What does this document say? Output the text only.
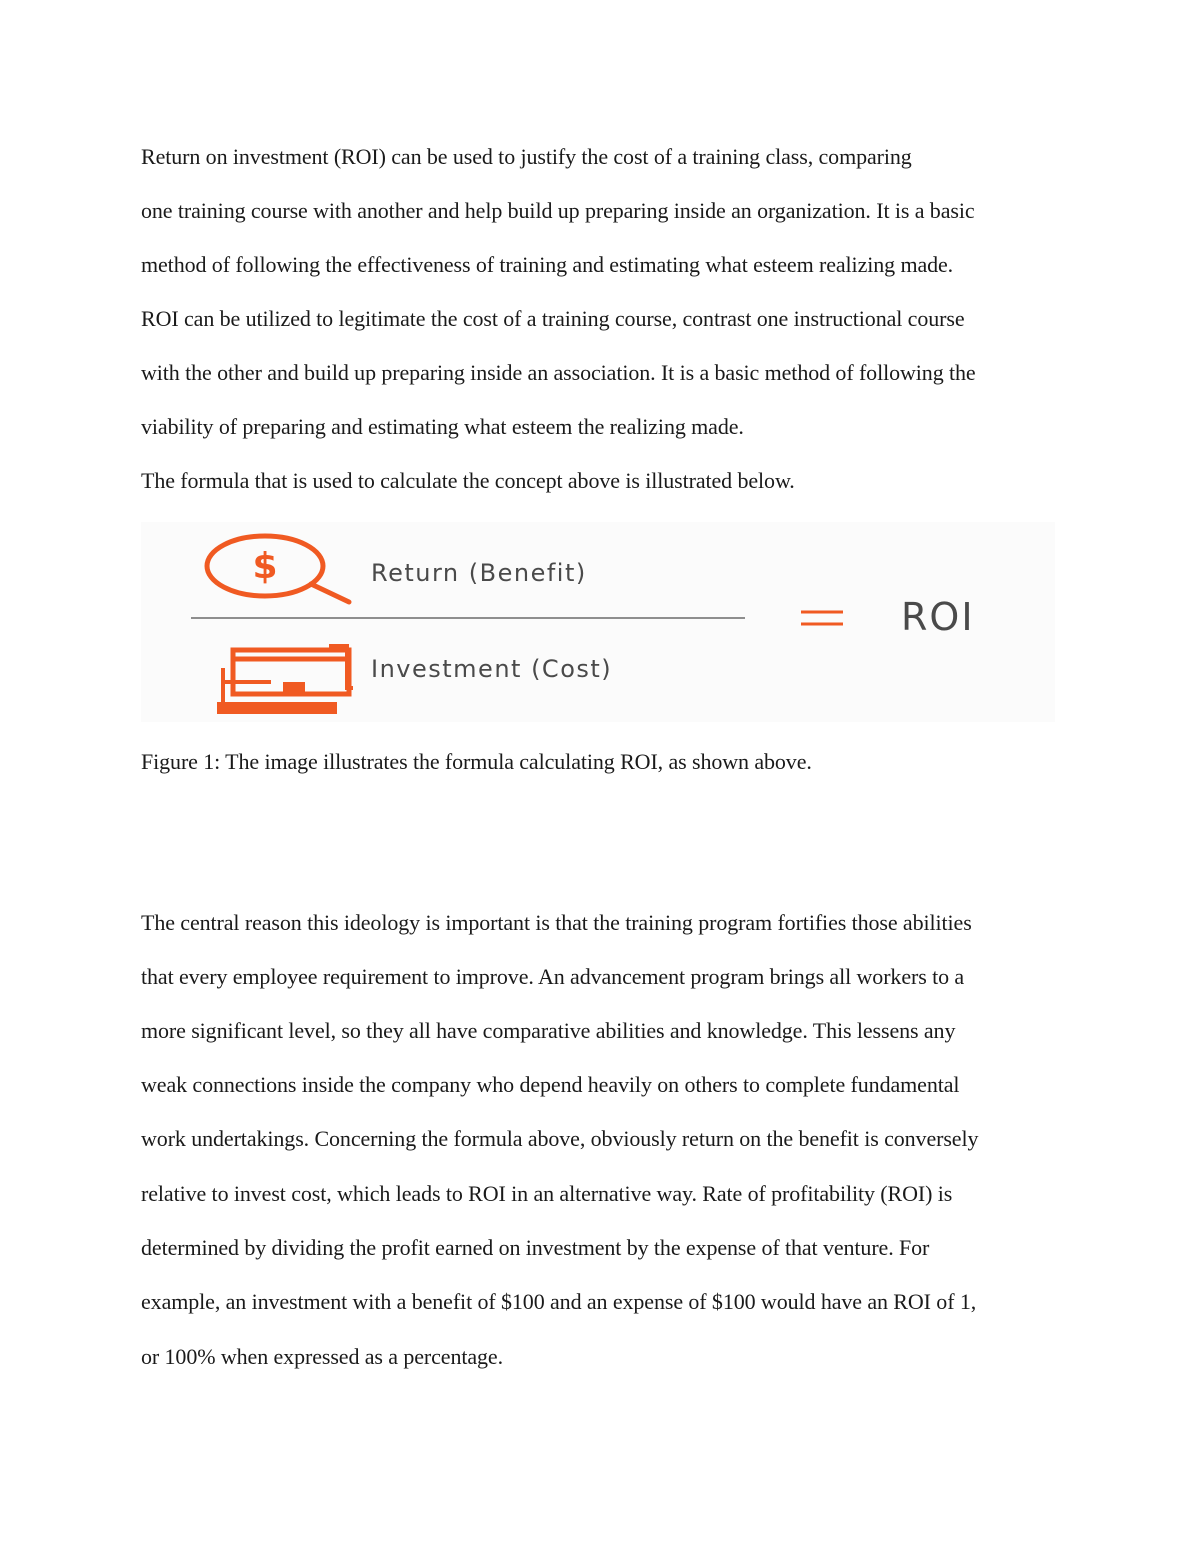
Return on investment (ROI) can be used to justify the cost of a training class, comparing
one training course with another and help build up preparing inside an organization. It is a basic
method of following the effectiveness of training and estimating what esteem realizing made.
ROI can be utilized to legitimate the cost of a training course, contrast one instructional course
with the other and build up preparing inside an association. It is a basic method of following the
viability of preparing and estimating what esteem the realizing made.
The formula that is used to calculate the concept above is illustrated below.
$	Return (Benefit)
Investment (Cost)
ROI
Figure 1: The image illustrates the formula calculating ROI, as shown above.
The central reason this ideology is important is that the training program fortifies those abilities
that every employee requirement to improve. An advancement program brings all workers to a
more significant level, so they all have comparative abilities and knowledge. This lessens any
weak connections inside the company who depend heavily on others to complete fundamental
work undertakings. Concerning the formula above, obviously return on the benefit is conversely
relative to invest cost, which leads to ROI in an alternative way. Rate of profitability (ROI) is
determined by dividing the profit earned on investment by the expense of that venture. For
example, an investment with a benefit of $100 and an expense of $100 would have an ROI of 1,
or 100% when expressed as a percentage.
